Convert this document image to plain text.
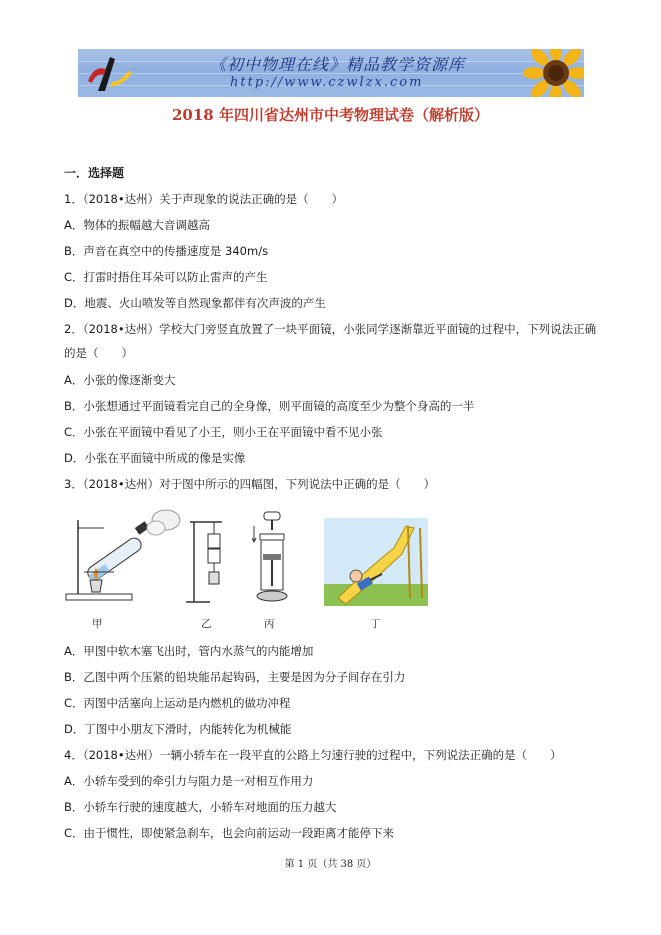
《初中物理在线》精品教学资源库
http://www.czwlzx.com
2018 年四川省达州市中考物理试卷（解析版）
一．选择题
1．（2018•达州）关于声现象的说法正确的是（　　）
A．物体的振幅越大音调越高
B．声音在真空中的传播速度是 340m/s
C．打雷时捂住耳朵可以防止雷声的产生
D．地震、火山喷发等自然现象都伴有次声波的产生
2．（2018•达州）学校大门旁竖直放置了一块平面镜，小张同学逐渐靠近平面镜的过程中，下列说法正确
的是（　　）
A．小张的像逐渐变大
B．小张想通过平面镜看完自己的全身像，则平面镜的高度至少为整个身高的一半
C．小张在平面镜中看见了小王，则小王在平面镜中看不见小张
D．小张在平面镜中所成的像是实像
3．（2018•达州）对于图中所示的四幅图，下列说法中正确的是（　　）
甲	乙	丙	丁
A．甲图中软木塞飞出时，管内水蒸气的内能增加
B．乙图中两个压紧的铅块能吊起钩码，主要是因为分子间存在引力
C．丙图中活塞向上运动是内燃机的做功冲程
D．丁图中小朋友下滑时，内能转化为机械能
4．（2018•达州）一辆小轿车在一段平直的公路上匀速行驶的过程中，下列说法正确的是（　　）
A．小轿车受到的牵引力与阻力是一对相互作用力
B．小轿车行驶的速度越大，小轿车对地面的压力越大
C．由于惯性，即使紧急刹车，也会向前运动一段距离才能停下来
第 1 页（共 38 页）
